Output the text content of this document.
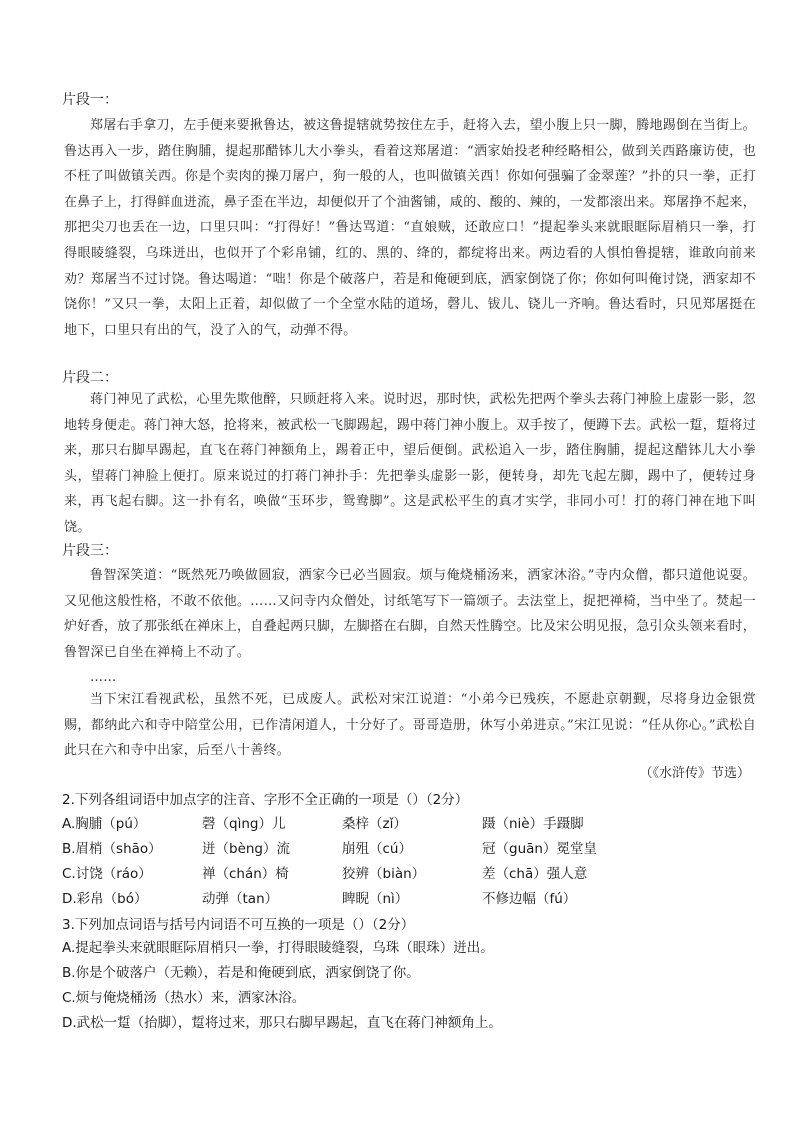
片段一：

郑屠右手拿刀，左手便来要揪鲁达，被这鲁提辖就势按住左手，赶将入去，望小腹上只一脚，腾地踢倒在当街上。鲁达再入一步，踏住胸脯，提起那醋钵儿大小拳头，看着这郑屠道：“洒家始投老种经略相公，做到关西路廉访使，也不枉了叫做镇关西。你是个卖肉的操刀屠户，狗一般的人，也叫做镇关西！你如何强骗了金翠莲？”扑的只一拳，正打在鼻子上，打得鲜血迸流，鼻子歪在半边，却便似开了个油酱铺，咸的、酸的、辣的，一发都滚出来。郑屠挣不起来，那把尖刀也丢在一边，口里只叫：“打得好！”鲁达骂道：“直娘贼，还敢应口！”提起拳头来就眼眶际眉梢只一拳，打得眼睖缝裂，乌珠迸出，也似开了个彩帛铺，红的、黑的、绛的，都绽将出来。两边看的人惧怕鲁提辖，谁敢向前来劝？郑屠当不过讨饶。鲁达喝道：“咄！你是个破落户，若是和俺硬到底，洒家倒饶了你；你如何叫俺讨饶，洒家却不饶你！”又只一拳，太阳上正着，却似做了一个全堂水陆的道场，磬儿、钹儿、铙儿一齐响。鲁达看时，只见郑屠挺在地下，口里只有出的气，没了入的气，动弹不得。

片段二：

蒋门神见了武松，心里先欺他醉，只顾赶将入来。说时迟，那时快，武松先把两个拳头去蒋门神脸上虚影一影，忽地转身便走。蒋门神大怒，抢将来，被武松一飞脚踢起，踢中蒋门神小腹上。双手按了，便蹲下去。武松一踅，踅将过来，那只右脚早踢起，直飞在蒋门神额角上，踢着正中，望后便倒。武松追入一步，踏住胸脯，提起这醋钵儿大小拳头，望蒋门神脸上便打。原来说过的打蒋门神扑手：先把拳头虚影一影，便转身，却先飞起左脚，踢中了，便转过身来，再飞起右脚。这一扑有名，唤做“玉环步，鸳鸯脚”。这是武松平生的真才实学，非同小可！打的蒋门神在地下叫饶。

片段三：

鲁智深笑道：“既然死乃唤做圆寂，洒家今已必当圆寂。烦与俺烧桶汤来，洒家沐浴。”寺内众僧，都只道他说耍。又见他这般性格，不敢不依他。……又问寺内众僧处，讨纸笔写下一篇颂子。去法堂上，捉把禅椅，当中坐了。焚起一炉好香，放了那张纸在禅床上，自叠起两只脚，左脚搭在右脚，自然天性腾空。比及宋公明见报，急引众头领来看时，鲁智深已自坐在禅椅上不动了。

……

当下宋江看视武松，虽然不死，已成废人。武松对宋江说道：“小弟今已残疾，不愿赴京朝觐，尽将身边金银赏赐，都纳此六和寺中陪堂公用，已作清闲道人，十分好了。哥哥造册，休写小弟进京。”宋江见说：“任从你心。”武松自此只在六和寺中出家，后至八十善终。

（《水浒传》节选）
2.下列各组词语中加点字的注音、字形不全正确的一项是（）（2分）
A.胸脯（pú）	磬（qìng）儿	桑梓（zǐ）	蹑（niè）手蹑脚
B.眉梢（shāo）	迸（bèng）流	崩殂（cú）	冠（guān）冕堂皇
C.讨饶（ráo）	禅（chán）椅	狡辨（biàn）	差（chā）强人意
D.彩帛（bó）	动弹（tan）	睥睨（nì）	不修边幅（fú）
3.下列加点词语与括号内词语不可互换的一项是（）（2分）
A.提起拳头来就眼眶际眉梢只一拳，打得眼睖缝裂，乌珠（眼珠）迸出。
B.你是个破落户（无赖），若是和俺硬到底，洒家倒饶了你。
C.烦与俺烧桶汤（热水）来，洒家沐浴。
D.武松一踅（抬脚），踅将过来，那只右脚早踢起，直飞在蒋门神额角上。
